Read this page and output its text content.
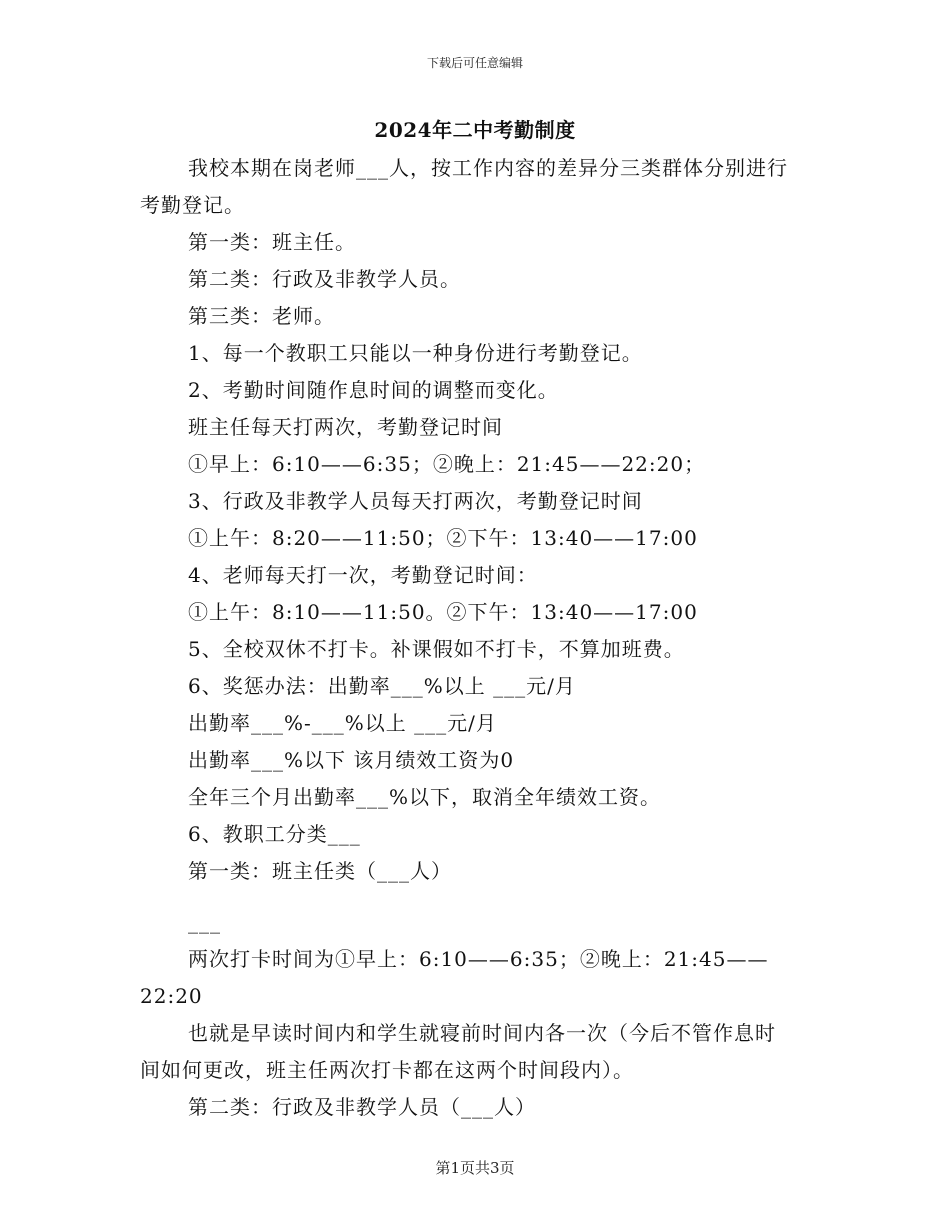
下载后可任意编辑
2024年二中考勤制度
我校本期在岗老师___人，按工作内容的差异分三类群体分别进行
考勤登记。
第一类：班主任。
第二类：行政及非教学人员。
第三类：老师。
1、每一个教职工只能以一种身份进行考勤登记。
2、考勤时间随作息时间的调整而变化。
班主任每天打两次，考勤登记时间
①早上：6:10——6:35；②晚上：21:45——22:20；
3、行政及非教学人员每天打两次，考勤登记时间
①上午：8:20——11:50；②下午：13:40——17:00
4、老师每天打一次，考勤登记时间：
①上午：8:10——11:50。②下午：13:40——17:00
5、全校双休不打卡。补课假如不打卡，不算加班费。
6、奖惩办法：出勤率___%以上 ___元/月
出勤率___%-___%以上 ___元/月
出勤率___%以下 该月绩效工资为0
全年三个月出勤率___%以下，取消全年绩效工资。
6、教职工分类___
第一类：班主任类（___人）
___
两次打卡时间为①早上：6:10——6:35；②晚上：21:45——
22:20
也就是早读时间内和学生就寝前时间内各一次（今后不管作息时
间如何更改，班主任两次打卡都在这两个时间段内）。
第二类：行政及非教学人员（___人）
第1页共3页
